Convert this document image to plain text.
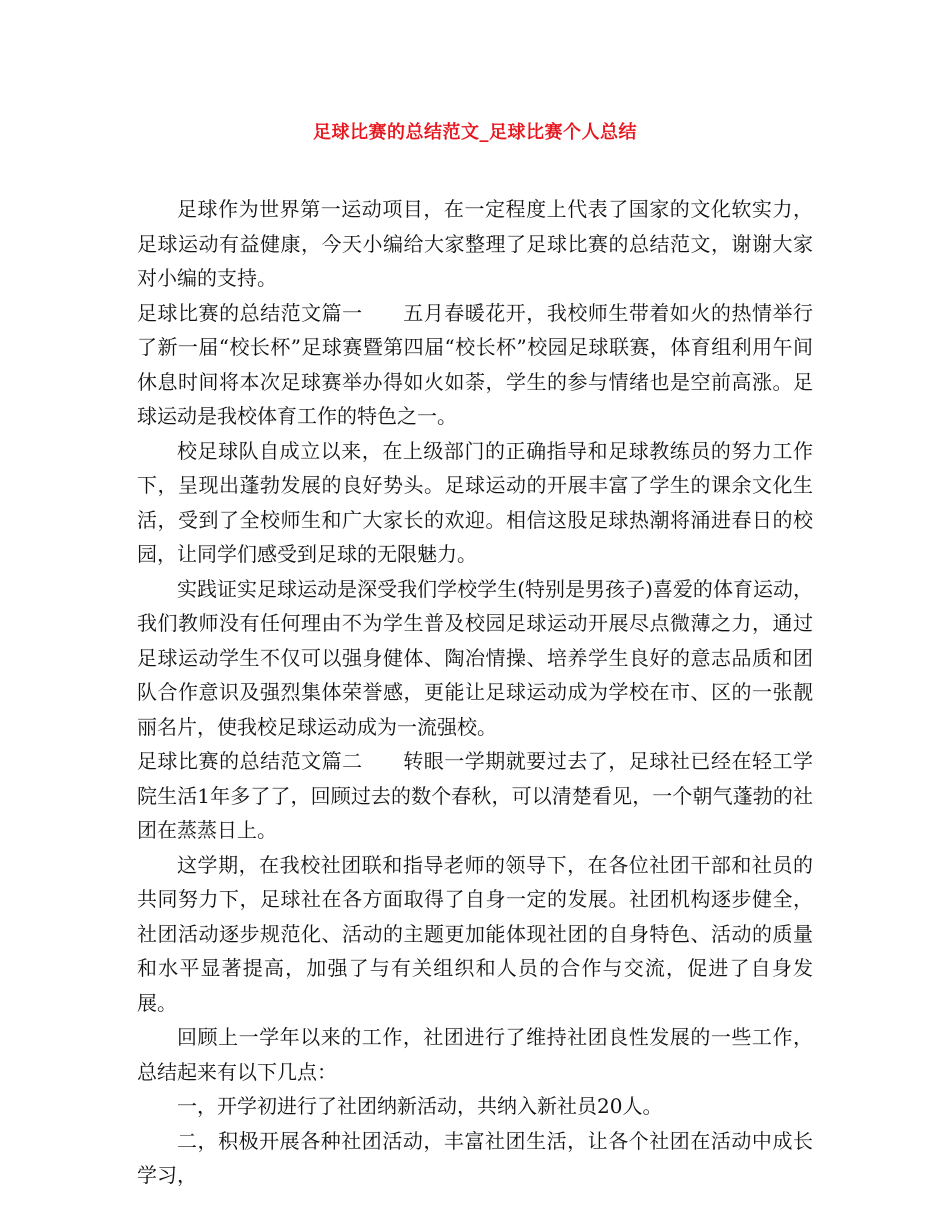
足球比赛的总结范文_足球比赛个人总结

足球作为世界第一运动项目，在一定程度上代表了国家的文化软实力，足球运动有益健康，今天小编给大家整理了足球比赛的总结范文，谢谢大家对小编的支持。

足球比赛的总结范文篇一 五月春暖花开，我校师生带着如火的热情举行了新一届“校长杯”足球赛暨第四届“校长杯”校园足球联赛，体育组利用午间休息时间将本次足球赛举办得如火如荼，学生的参与情绪也是空前高涨。足球运动是我校体育工作的特色之一。

校足球队自成立以来，在上级部门的正确指导和足球教练员的努力工作下，呈现出蓬勃发展的良好势头。足球运动的开展丰富了学生的课余文化生活，受到了全校师生和广大家长的欢迎。相信这股足球热潮将涌进春日的校园，让同学们感受到足球的无限魅力。

实践证实足球运动是深受我们学校学生(特别是男孩子)喜爱的体育运动，我们教师没有任何理由不为学生普及校园足球运动开展尽点微薄之力，通过足球运动学生不仅可以强身健体、陶冶情操、培养学生良好的意志品质和团队合作意识及强烈集体荣誉感，更能让足球运动成为学校在市、区的一张靓丽名片，使我校足球运动成为一流强校。

足球比赛的总结范文篇二 转眼一学期就要过去了，足球社已经在轻工学院生活1年多了了，回顾过去的数个春秋，可以清楚看见，一个朝气蓬勃的社团在蒸蒸日上。

这学期，在我校社团联和指导老师的领导下，在各位社团干部和社员的共同努力下，足球社在各方面取得了自身一定的发展。社团机构逐步健全，社团活动逐步规范化、活动的主题更加能体现社团的自身特色、活动的质量和水平显著提高，加强了与有关组织和人员的合作与交流，促进了自身发展。

回顾上一学年以来的工作，社团进行了维持社团良性发展的一些工作，总结起来有以下几点：

一，开学初进行了社团纳新活动，共纳入新社员20人。

二，积极开展各种社团活动，丰富社团生活，让各个社团在活动中成长学习，
